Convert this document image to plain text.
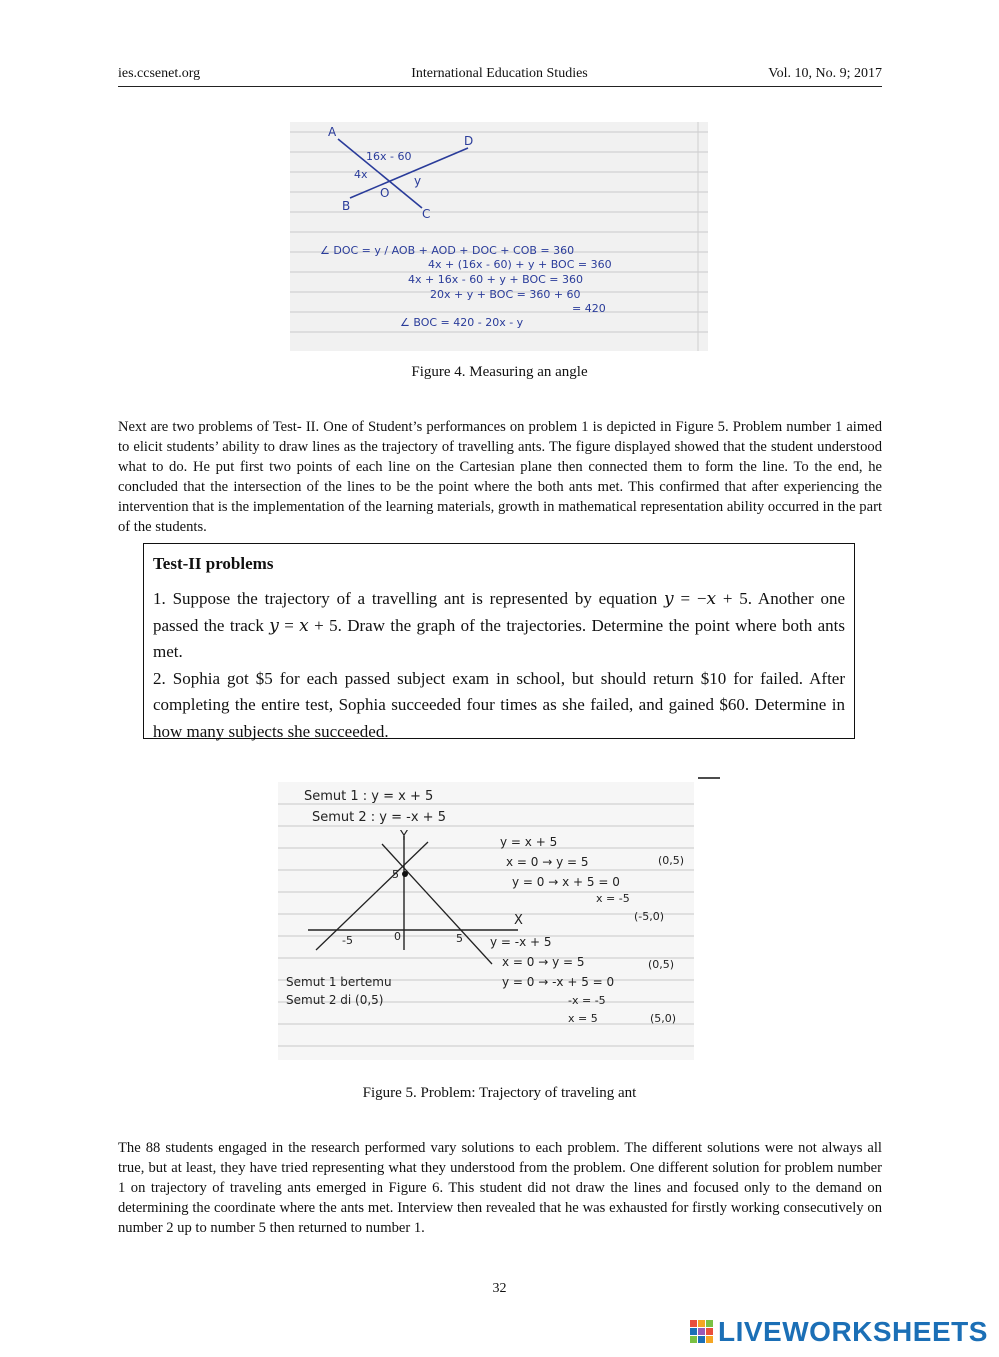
ies.ccsenet.org	International Education Studies	Vol. 10, No. 9; 2017
A
D
B
C
O
16x - 60
4x	y
∠ DOC = y / AOB + AOD + DOC + COB = 360
4x + (16x - 60) + y + BOC = 360
4x + 16x - 60 + y + BOC = 360
20x + y + BOC = 360 + 60
= 420
∠ BOC = 420 - 20x - y
Figure 4. Measuring an angle
Next are two problems of Test- II. One of Student’s performances on problem 1 is depicted in Figure 5. Problem number 1 aimed to elicit students’ ability to draw lines as the trajectory of travelling ants. The figure displayed showed that the student understood what to do. He put first two points of each line on the Cartesian plane then connected them to form the line. To the end, he concluded that the intersection of the lines to be the point where the both ants met. This confirmed that after experiencing the intervention that is the implementation of the learning materials, growth in mathematical representation ability occurred in the part of the students.
Test-II problems

1. Suppose the trajectory of a travelling ant is represented by equation 𝑦 = −𝑥 + 5. Another one passed the track 𝑦 = 𝑥 + 5. Draw the graph of the trajectories. Determine the point where both ants met.

2. Sophia got $5 for each passed subject exam in school, but should return $10 for failed. After completing the entire test, Sophia succeeded four times as she failed, and gained $60. Determine in how many subjects she succeeded.

Semut 1 : y = x + 5
Semut 2 : y = -x + 5
Y
X
5
-5	0	5
y = x + 5
x = 0 → y = 5	(0,5)
y = 0 → x + 5 = 0
x = -5
(-5,0)
y = -x + 5
x = 0 → y = 5	(0,5)
y = 0 → -x + 5 = 0
-x = -5
x = 5	(5,0)
Semut 1 bertemu
Semut 2 di (0,5)
Figure 5. Problem: Trajectory of traveling ant
The 88 students engaged in the research performed vary solutions to each problem. The different solutions were not always all true, but at least, they have tried representing what they understood from the problem. One different solution for problem number 1 on trajectory of traveling ants emerged in Figure 6. This student did not draw the lines and focused only to the demand on determining the coordinate where the ants met. Interview then revealed that he was exhausted for firstly working consecutively on number 2 up to number 5 then returned to number 1.
32
LIVEWORKSHEETS
